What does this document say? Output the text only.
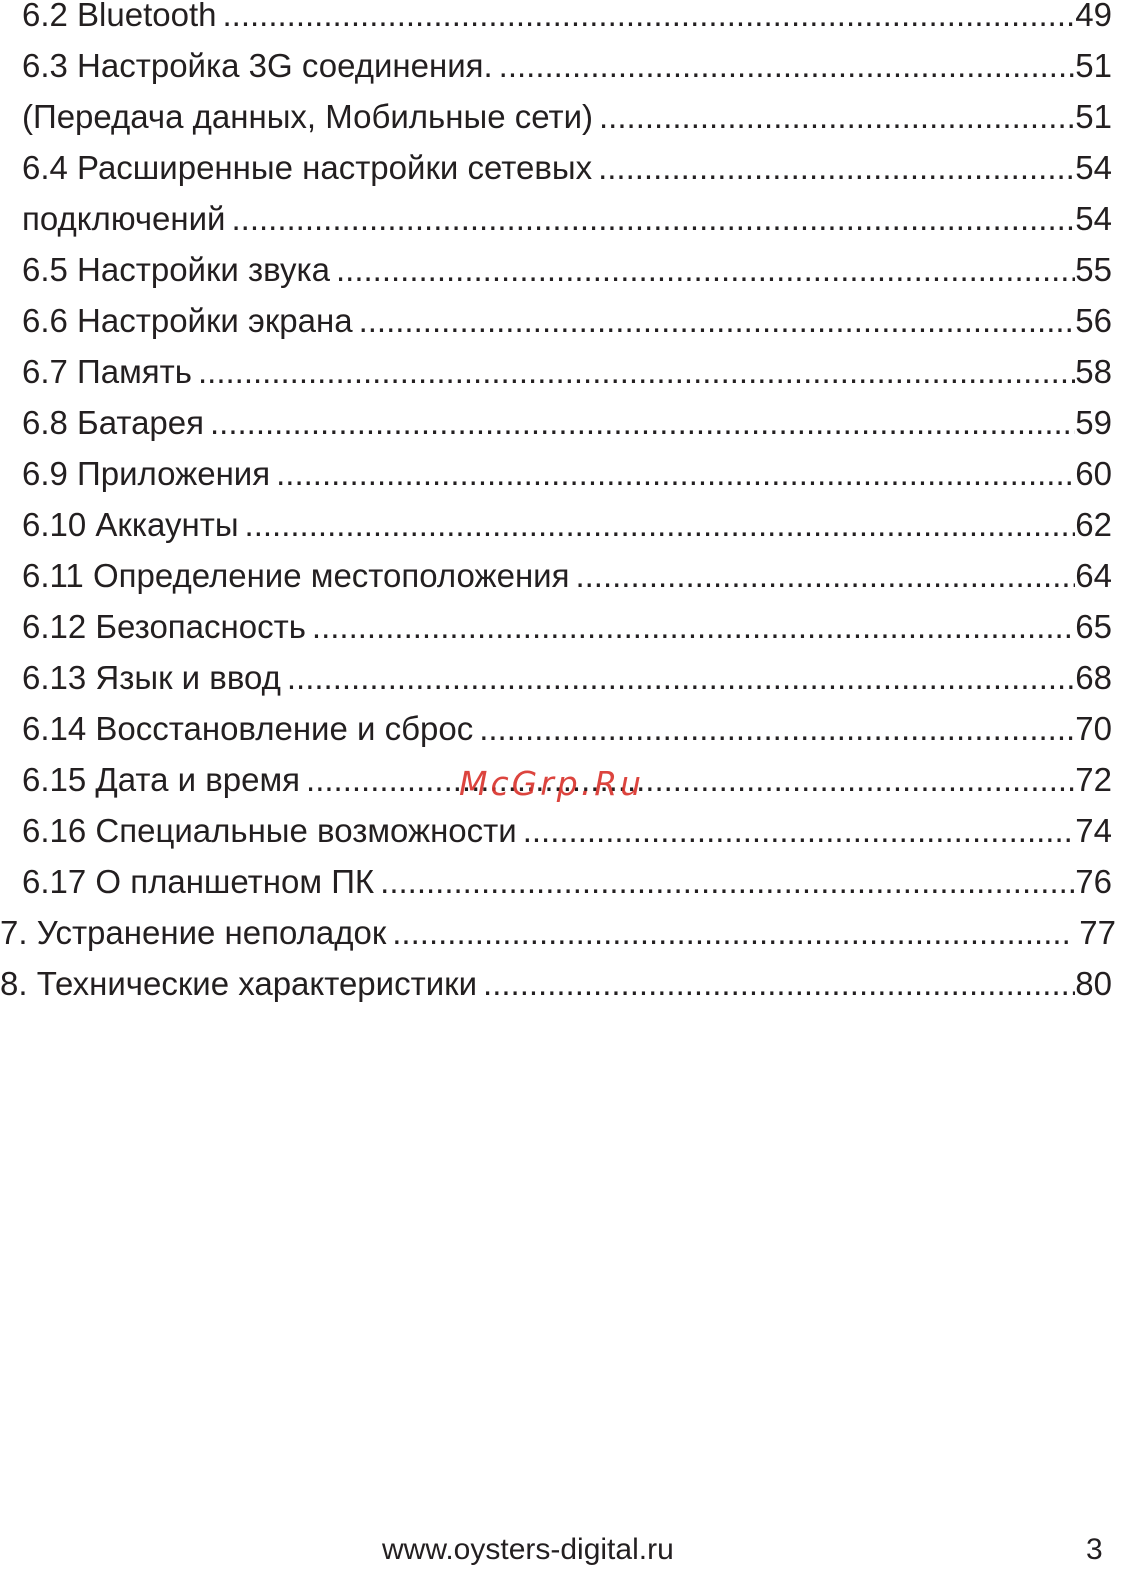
6.2 Bluetooth .....	49
6.3 Настройка 3G соединения. .....	51
(Передача данных, Мобильные сети) .....	51
6.4 Расширенные настройки сетевых .....	54
подключений .....	54
6.5 Настройки звука .....	55
6.6 Настройки экрана .....	56
6.7 Память .....	58
6.8 Батарея .....	59
6.9 Приложения .....	60
6.10 Аккаунты .....	62
6.11 Определение местоположения .....	64
6.12 Безопасность .....	65
6.13 Язык и ввод .....	68
6.14 Восстановление и сброс .....	70
6.15 Дата и время .....	72
6.16 Специальные возможности .....	74
6.17 О планшетном ПК .....	76
7. Устранение неполадок .....	77
8. Технические характеристики .....	80
McGrp.Ru
www.oysters-digital.ru	3
